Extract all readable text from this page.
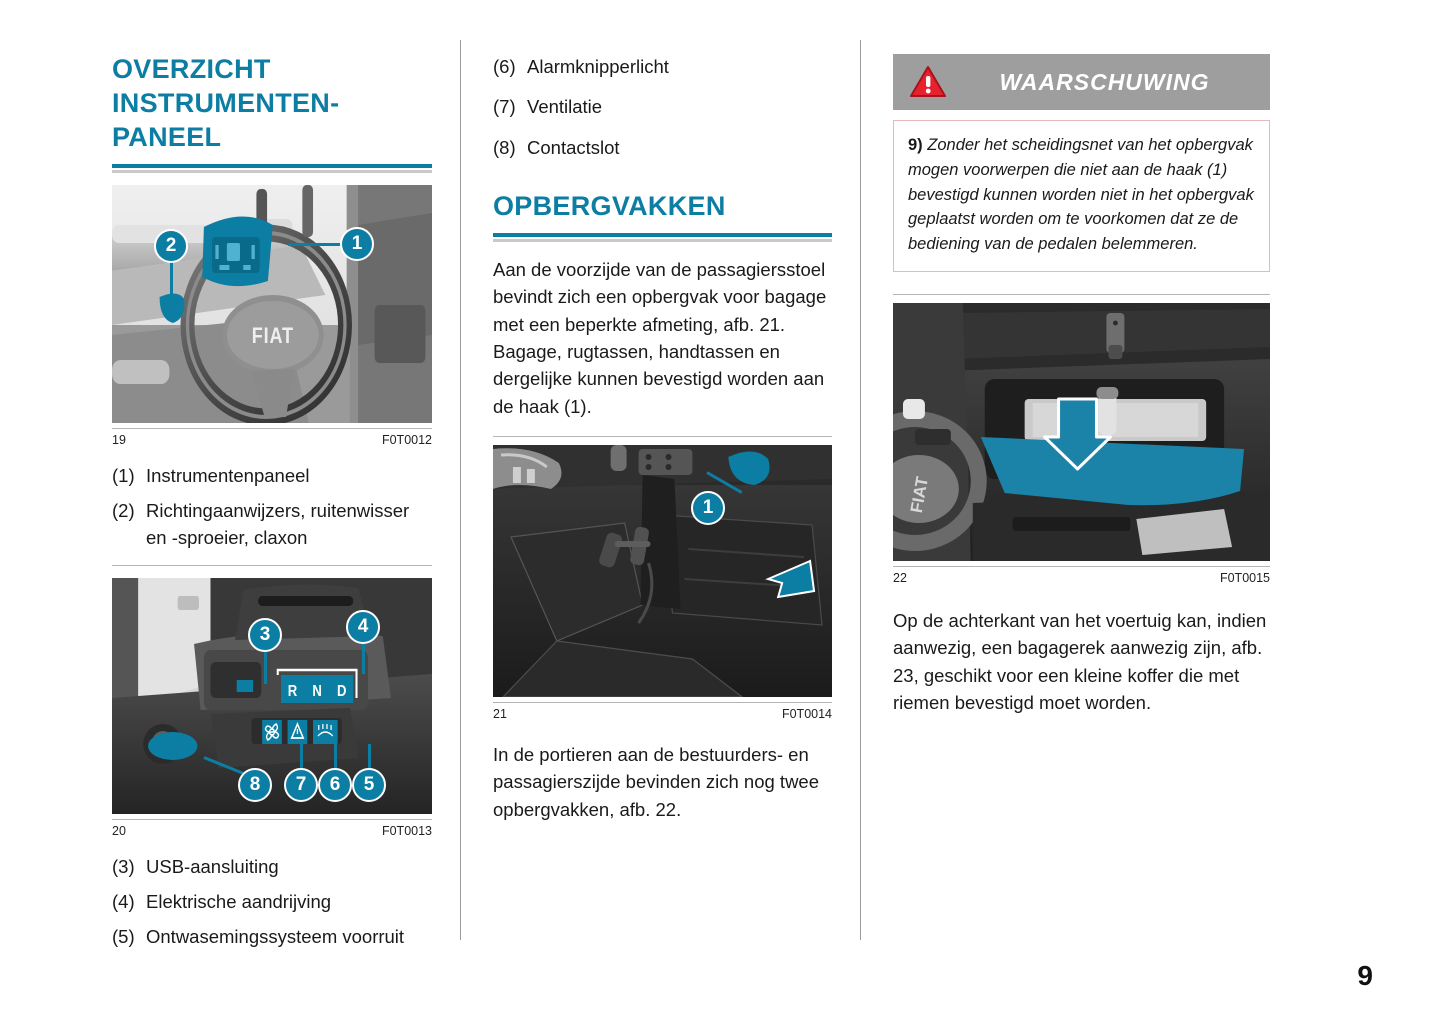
OVERZICHT INSTRUMENTEN- PANEEL
FIAT
1
2
19	F0T0012
(1) Instrumentenpaneel
(2) Richtingaanwijzers, ruitenwisser en -sproeier, claxon
R N D
3	4
7	6	5
8
20	F0T0013
(3) USB-aansluiting
(4) Elektrische aandrijving
(5) Ontwasemingssysteem voorruit
(6) Alarmknipperlicht
(7) Ventilatie
(8) Contactslot
OPBERGVAKKEN

Aan de voorzijde van de passagiersstoel bevindt zich een opbergvak voor bagage met een beperkte afmeting, afb. 21. Bagage, rugtassen, handtassen en dergelijke kunnen bevestigd worden aan de haak (1).

1
21	F0T0014

In de portieren aan de bestuurders- en passagierszijde bevinden zich nog twee opbergvakken, afb. 22.

WAARSCHUWING
9) Zonder het scheidingsnet van het opbergvak mogen voorwerpen die niet aan de haak (1) bevestigd kunnen worden niet in het opbergvak geplaatst worden om te voorkomen dat ze de bediening van de pedalen belemmeren.
FIAT
22	F0T0015

Op de achterkant van het voertuig kan, indien aanwezig, een bagagerek aanwezig zijn, afb. 23, geschikt voor een kleine koffer die met riemen bevestigd moet worden.

9
